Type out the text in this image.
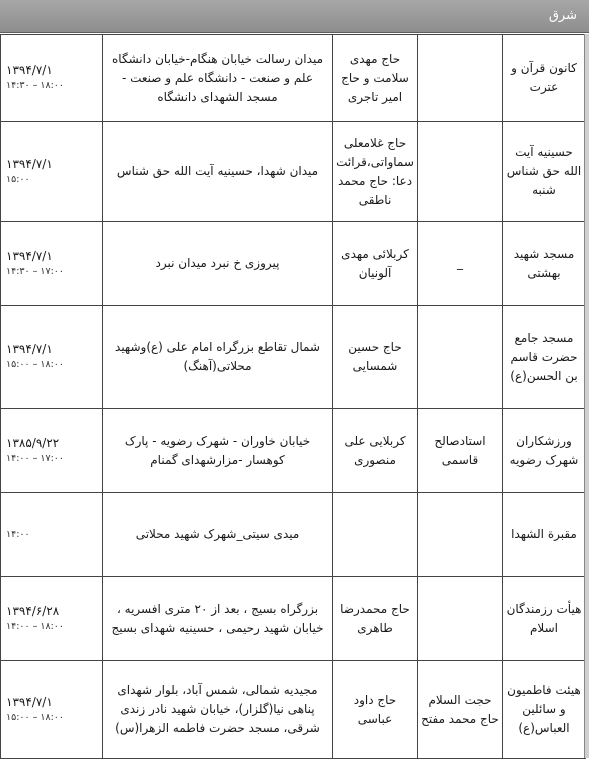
شرق
کانون قرآن و عترت		حاج مهدی سلامت و حاج امیر تاجری	میدان رسالت خیابان هنگام-خیابان دانشگاه علم و صنعت - دانشگاه علم و صنعت - مسجد الشهدای دانشگاه	۱۳۹۴/۷/۱
۱۴:۳۰ – ۱۸:۰۰

حسینیه آیت الله حق شناس شنبه		حاج غلامعلی سماواتی،قرائت دعا: حاج محمد ناطقی	میدان شهدا، حسینیه آیت الله حق شناس	۱۳۹۴/۷/۱
۱۵:۰۰

مسجد شهید بهشتی	_	کربلائی مهدی آلونیان	پیروزی خ نبرد میدان نبرد	۱۳۹۴/۷/۱
۱۴:۳۰ – ۱۷:۰۰

مسجد جامع حضرت قاسم بن الحسن(ع)		حاج حسین شمسایی	شمال تقاطع بزرگراه امام علی (ع)وشهید محلاتی(آهنگ)	۱۳۹۴/۷/۱
۱۵:۰۰ – ۱۸:۰۰

ورزشکاران شهرک رضویه	استادصالح قاسمی	کربلایی علی منصوری	خیابان خاوران - شهرک رضویه - پارک کوهسار -مزارشهدای گمنام	۱۳۸۵/۹/۲۲
۱۴:۰۰ – ۱۷:۰۰

مقبرة الشهدا			میدی سیتی_شهرک شهید محلاتی	۱۴:۰۰

هیأت رزمندگان اسلام		حاج محمدرضا طاهری	بزرگراه بسیج ، بعد از ۲۰ متری افسریه ، خیابان شهید رحیمی ، حسینیه شهدای بسیج	۱۳۹۴/۶/۲۸
۱۴:۰۰ – ۱۸:۰۰

هیئت فاطمیون و سائلین العباس(ع)	حجت السلام حاج محمد مفتح	حاج داود عباسی	مجیدیه شمالی، شمس آباد، بلوار شهدای پناهی نیا(گلزار)، خیابان شهید نادر زندی شرقی، مسجد حضرت فاطمه الزهرا(س)	۱۳۹۴/۷/۱
۱۵:۰۰ – ۱۸:۰۰
